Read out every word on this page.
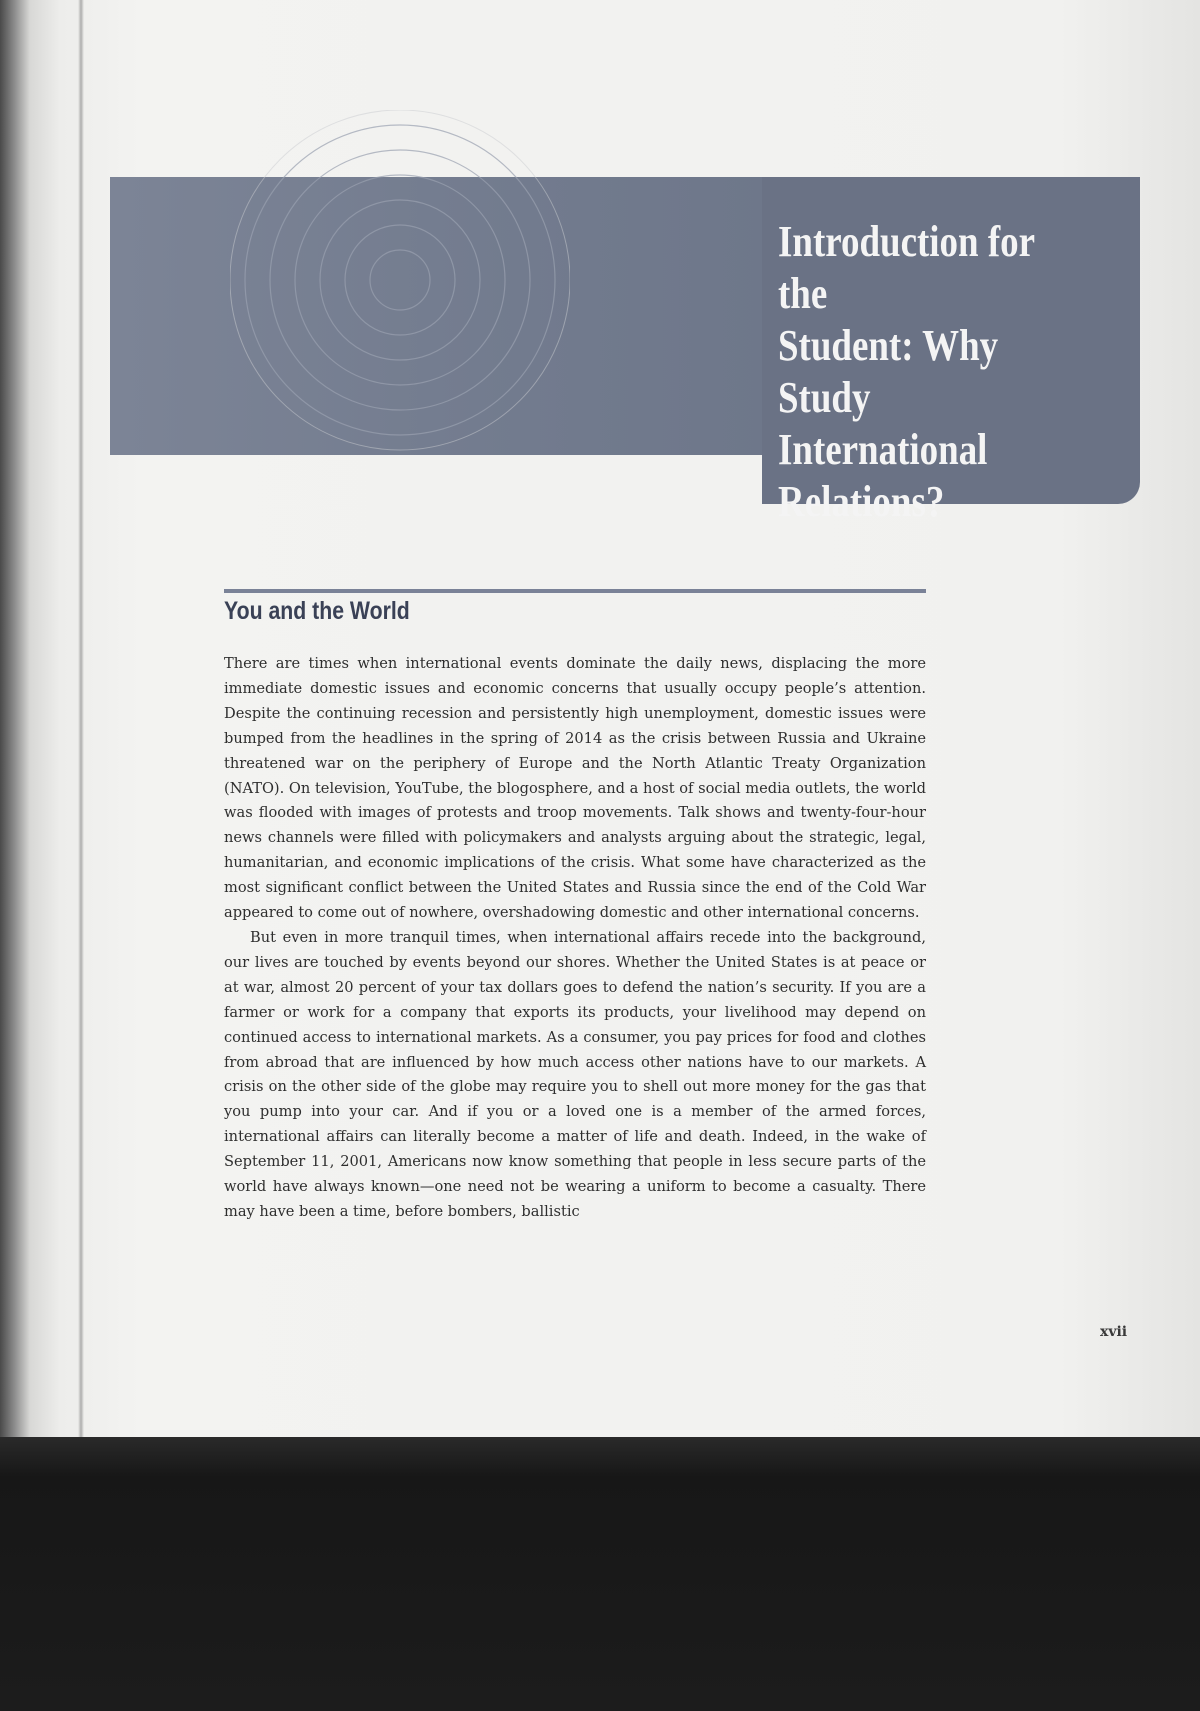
Introduction for the
Student: Why Study
International
Relations?
You and the World

There are times when international events dominate the daily news, displacing the more immediate domestic issues and economic concerns that usually occupy people’s attention. Despite the continuing recession and persistently high unemployment, domestic issues were bumped from the headlines in the spring of 2014 as the crisis between Russia and Ukraine threatened war on the periphery of Europe and the North Atlantic Treaty Organization (NATO). On television, YouTube, the blogosphere, and a host of social media outlets, the world was flooded with images of protests and troop movements. Talk shows and twenty-four-hour news channels were filled with policymakers and analysts arguing about the strategic, legal, humanitarian, and economic implications of the crisis. What some have characterized as the most significant conflict between the United States and Russia since the end of the Cold War appeared to come out of nowhere, overshadowing domestic and other international concerns.

But even in more tranquil times, when international affairs recede into the background, our lives are touched by events beyond our shores. Whether the United States is at peace or at war, almost 20 percent of your tax dollars goes to defend the nation’s security. If you are a farmer or work for a company that exports its products, your livelihood may depend on continued access to international markets. As a consumer, you pay prices for food and clothes from abroad that are influenced by how much access other nations have to our markets. A crisis on the other side of the globe may require you to shell out more money for the gas that you pump into your car. And if you or a loved one is a member of the armed forces, international affairs can literally become a matter of life and death. Indeed, in the wake of September 11, 2001, Americans now know something that people in less secure parts of the world have always known—one need not be wearing a uniform to become a casualty. There may have been a time, before bombers, ballistic

xvii
